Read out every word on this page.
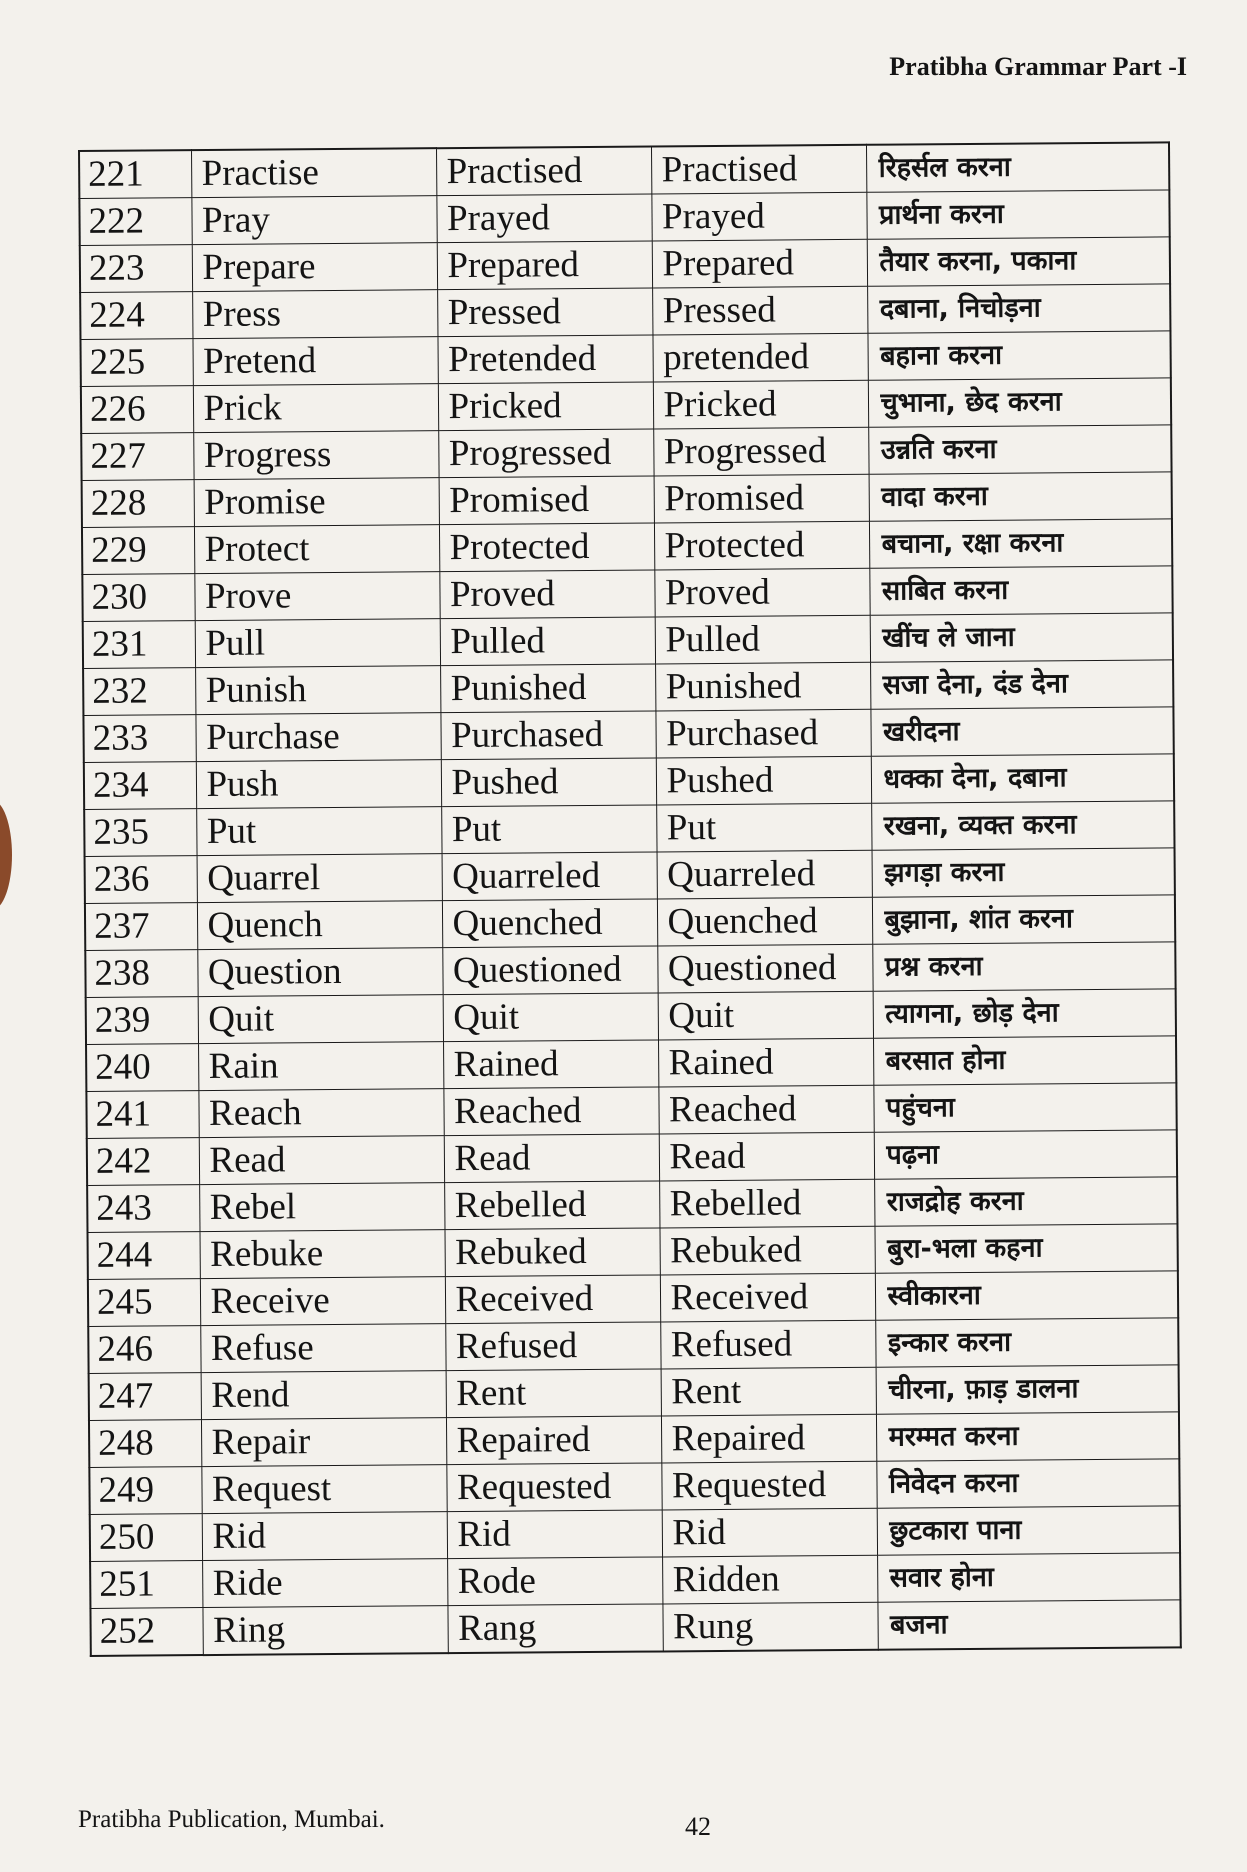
Pratibha Grammar Part -I
221	Practise	Practised	Practised	रिहर्सल करना
222	Pray	Prayed	Prayed	प्रार्थना करना
223	Prepare	Prepared	Prepared	तैयार करना, पकाना
224	Press	Pressed	Pressed	दबाना, निचोड़ना
225	Pretend	Pretended	pretended	बहाना करना
226	Prick	Pricked	Pricked	चुभाना, छेद करना
227	Progress	Progressed	Progressed	उन्नति करना
228	Promise	Promised	Promised	वादा करना
229	Protect	Protected	Protected	बचाना, रक्षा करना
230	Prove	Proved	Proved	साबित करना
231	Pull	Pulled	Pulled	खींच ले जाना
232	Punish	Punished	Punished	सजा देना, दंड देना
233	Purchase	Purchased	Purchased	खरीदना
234	Push	Pushed	Pushed	धक्का देना, दबाना
235	Put	Put	Put	रखना, व्यक्त करना
236	Quarrel	Quarreled	Quarreled	झगड़ा करना
237	Quench	Quenched	Quenched	बुझाना, शांत करना
238	Question	Questioned	Questioned	प्रश्न करना
239	Quit	Quit	Quit	त्यागना, छोड़ देना
240	Rain	Rained	Rained	बरसात होना
241	Reach	Reached	Reached	पहुंचना
242	Read	Read	Read	पढ़ना
243	Rebel	Rebelled	Rebelled	राजद्रोह करना
244	Rebuke	Rebuked	Rebuked	बुरा-भला कहना
245	Receive	Received	Received	स्वीकारना
246	Refuse	Refused	Refused	इन्कार करना
247	Rend	Rent	Rent	चीरना, फ़ाड़ डालना
248	Repair	Repaired	Repaired	मरम्मत करना
249	Request	Requested	Requested	निवेदन करना
250	Rid	Rid	Rid	छुटकारा पाना
251	Ride	Rode	Ridden	सवार होना
252	Ring	Rang	Rung	बजना
Pratibha Publication, Mumbai.	42
